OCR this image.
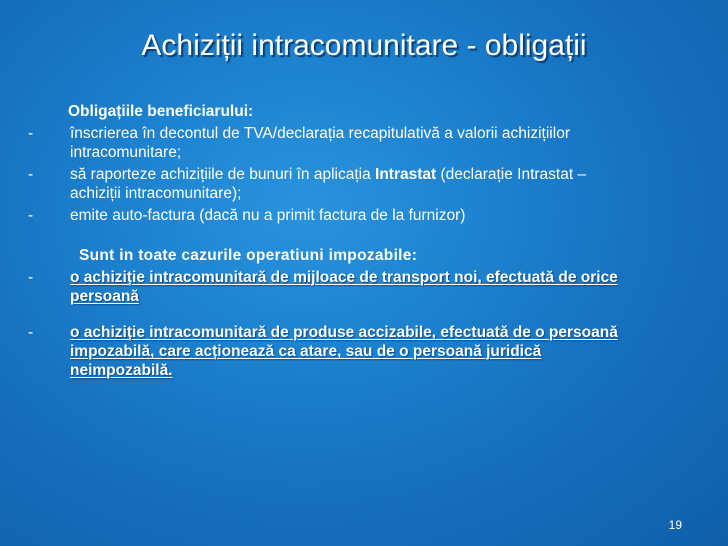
Achiziții intracomunitare - obligații
Obligațiile beneficiarului:
- înscrierea în decontul de TVA/declarația recapitulativă a valorii achizițiilor
intracomunitare;
- să raporteze achizițiile de bunuri în aplicația Intrastat (declarație Intrastat –
achiziții intracomunitare);
- emite auto-factura (dacă nu a primit factura de la furnizor)
Sunt in toate cazurile operatiuni impozabile:
- o achiziție intracomunitară de mijloace de transport noi, efectuată de orice
persoană
- o achiziție intracomunitară de produse accizabile, efectuată de o persoană
impozabilă, care acționează ca atare, sau de o persoană juridică
neimpozabilă.
19
